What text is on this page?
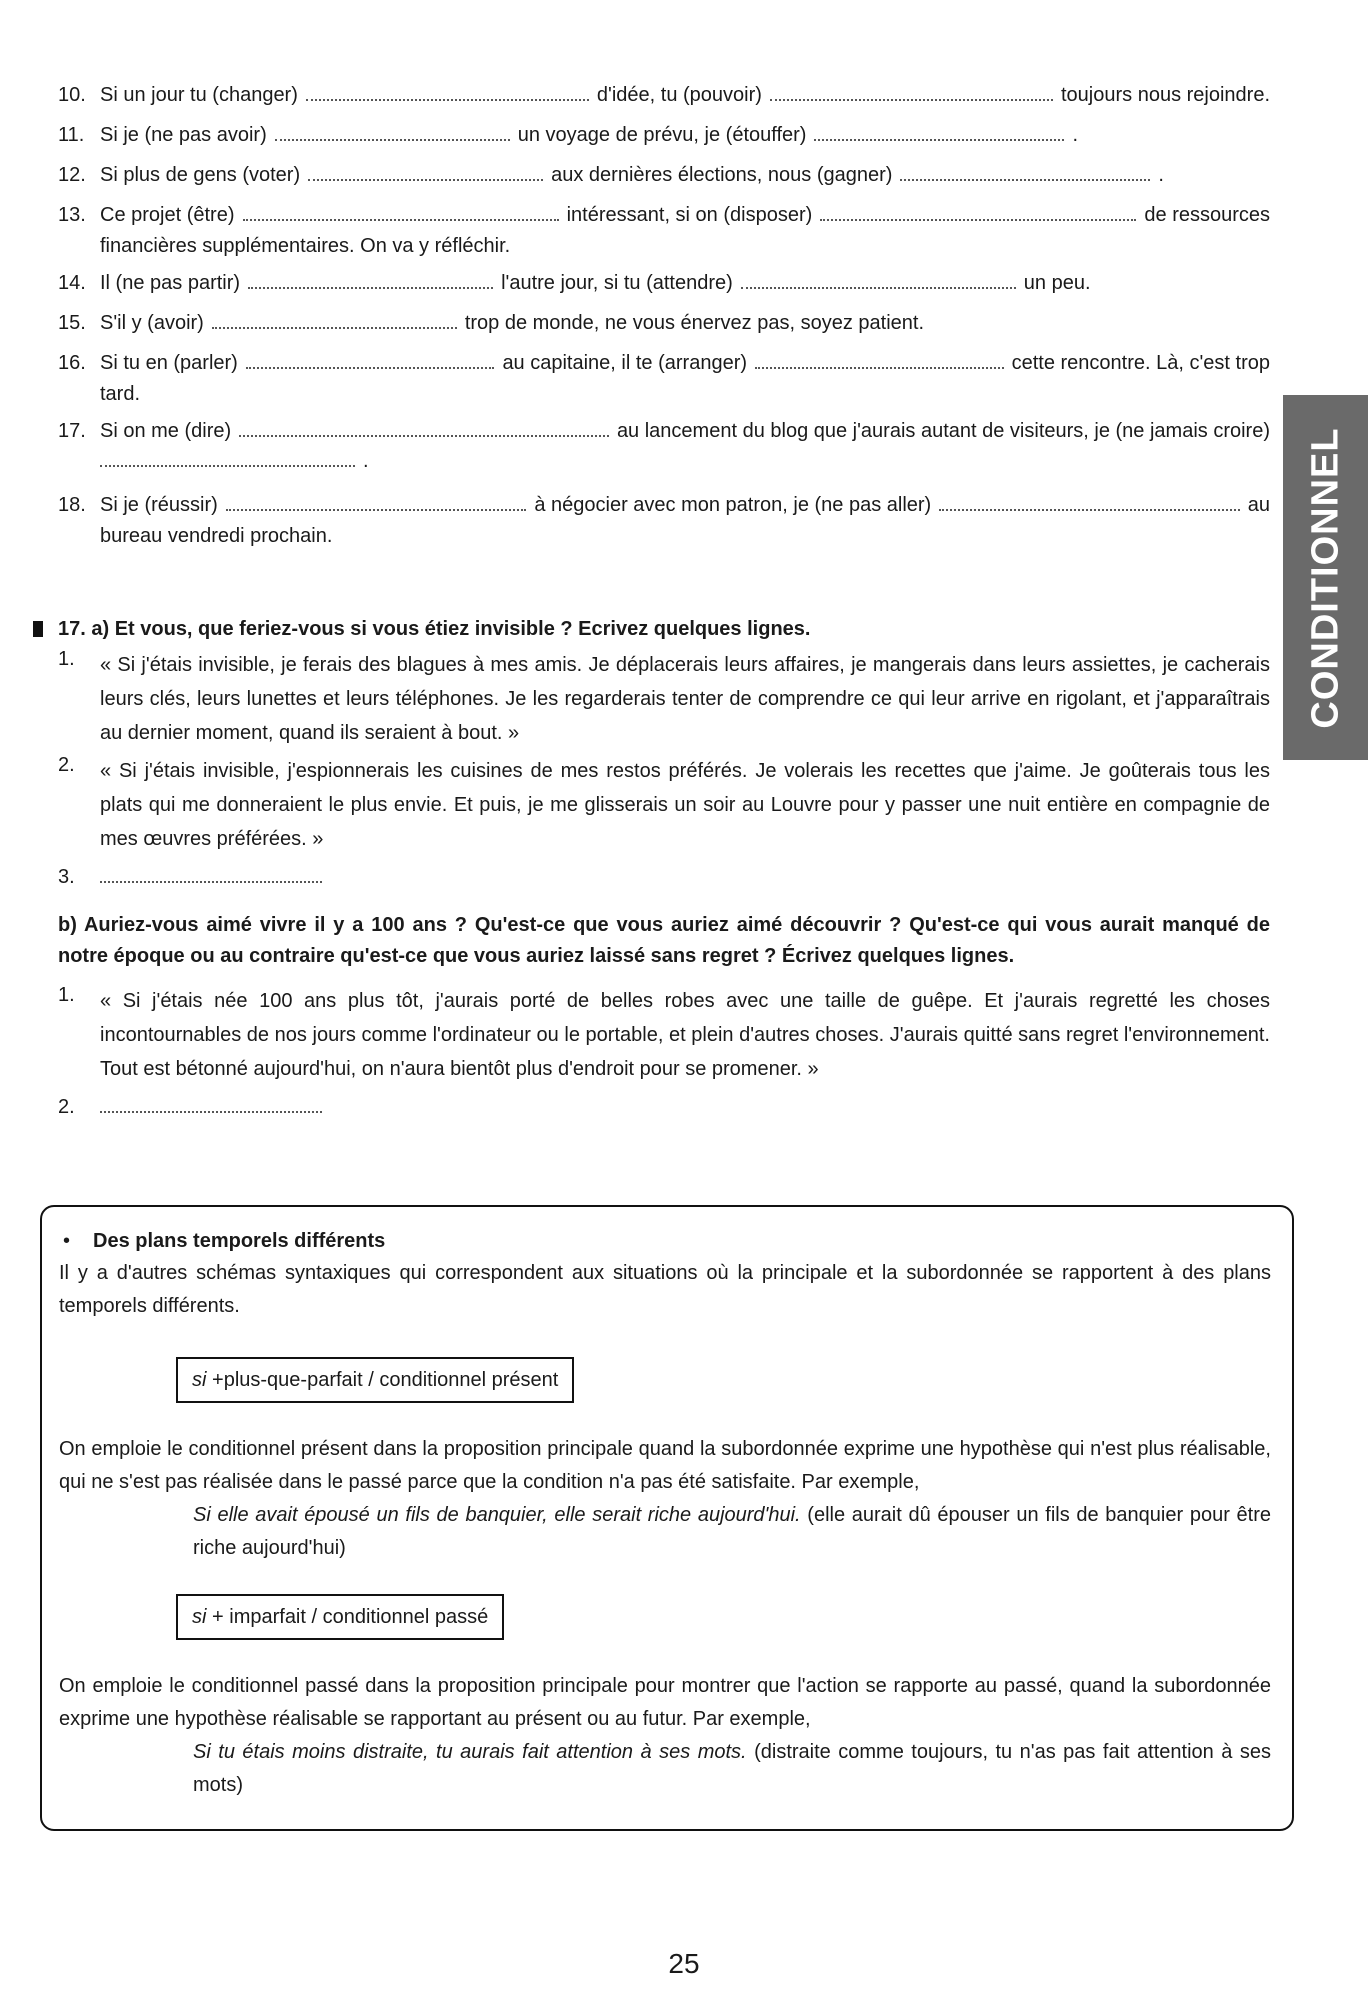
10. Si un jour tu (changer)	d'idée, tu (pouvoir)	toujours nous rejoindre.
11. Si je (ne pas avoir)	un voyage de prévu, je (étouffer)	.
12. Si plus de gens (voter)	aux dernières élections, nous (gagner)	.
13. Ce projet (être)	intéressant, si on (disposer)	de ressources
financières supplémentaires. On va y réfléchir.
14. Il (ne pas partir)	l'autre jour, si tu (attendre)	un peu.
15. S'il y (avoir)	trop de monde, ne vous énervez pas, soyez patient.
16. Si tu en (parler)	au capitaine, il te (arranger)	cette rencontre. Là, c'est trop
tard.
17. Si on me (dire)	au lancement du blog que j'aurais autant de visiteurs, je (ne jamais croire)
.
18. Si je (réussir)	à négocier avec mon patron, je (ne pas aller)	au
bureau vendredi prochain.	CONDITIONNEL
17. a) Et vous, que feriez-vous si vous étiez invisible ? Ecrivez quelques lignes.
1.	« Si j'étais invisible, je ferais des blagues à mes amis. Je déplacerais leurs affaires, je mangerais dans leurs assiettes, je cacherais leurs clés, leurs lunettes et leurs téléphones. Je les regarderais tenter de comprendre ce qui leur arrive en rigolant, et j'apparaîtrais au dernier moment, quand ils seraient à bout. »
2.	« Si j'étais invisible, j'espionnerais les cuisines de mes restos préférés. Je volerais les recettes que j'aime. Je goûterais tous les plats qui me donneraient le plus envie. Et puis, je me glisserais un soir au Louvre pour y passer une nuit entière en compagnie de mes œuvres préférées. »
3.
b) Auriez-vous aimé vivre il y a 100 ans ? Qu'est-ce que vous auriez aimé découvrir ? Qu'est-ce qui vous aurait manqué de notre époque ou au contraire qu'est-ce que vous auriez laissé sans regret ? Écrivez quelques lignes.
1.	« Si j'étais née 100 ans plus tôt, j'aurais porté de belles robes avec une taille de guêpe. Et j'aurais regretté les choses incontournables de nos jours comme l'ordinateur ou le portable, et plein d'autres choses. J'aurais quitté sans regret l'environnement. Tout est bétonné aujourd'hui, on n'aura bientôt plus d'endroit pour se promener. »
2.
• Des plans temporels différents
Il y a d'autres schémas syntaxiques qui correspondent aux situations où la principale et la subordonnée se rapportent à des plans temporels différents.
si +plus-que-parfait / conditionnel présent
On emploie le conditionnel présent dans la proposition principale quand la subordonnée exprime une hypothèse qui n'est plus réalisable, qui ne s'est pas réalisée dans le passé parce que la condition n'a pas été satisfaite. Par exemple,
Si elle avait épousé un fils de banquier, elle serait riche aujourd'hui. (elle aurait dû épouser un fils de banquier pour être riche aujourd'hui)
si + imparfait / conditionnel passé
On emploie le conditionnel passé dans la proposition principale pour montrer que l'action se rapporte au passé, quand la subordonnée exprime une hypothèse réalisable se rapportant au présent ou au futur. Par exemple,
Si tu étais moins distraite, tu aurais fait attention à ses mots. (distraite comme toujours, tu n'as pas fait attention à ses mots)
25
